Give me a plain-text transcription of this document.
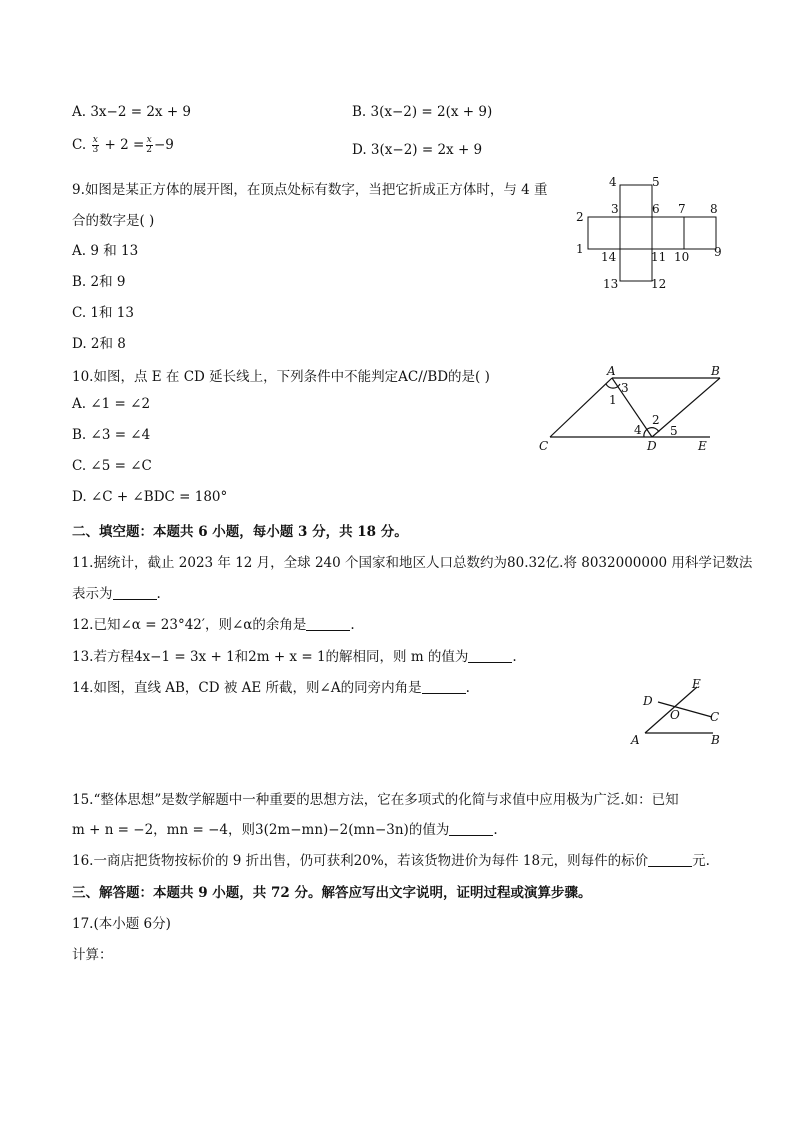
A. 3x−2 = 2x + 9	B. 3(x−2) = 2(x + 9)
C. $\frac{x}{3} + 2 = \frac{x}{2} -9$	D. 3(x−2) = 2x + 9
9.如图是某正方体的展开图，在顶点处标有数字，当把它折成正方体时，与 4 重
合的数字是( )
A. 9 和 13
B. 2和 9
C. 1和 13
D. 2和 8
4	5
3	6 7 8
2
1	9
14	11 10
13	12
10.如图，点 E 在 CD 延长线上，下列条件中不能判定AC//BD的是( )
A. ∠1 = ∠2
B. ∠3 = ∠4
C. ∠5 = ∠C
D. ∠C + ∠BDC = 180°
A	B
C	D	E
1
3
2
4 5
二、填空题：本题共 6 小题，每小题 3 分，共 18 分。
11.据统计，截止 2023 年 12 月，全球 240 个国家和地区人口总数约为80.32亿.将 8032000000 用科学记数法
表示为	.
12.已知∠α = 23°42′，则∠α的余角是	.
13.若方程4x−1 = 3x + 1和2m + x = 1的解相同，则 m 的值为	.
14.如图，直线 AB，CD 被 AE 所截，则∠A的同旁内角是	.	E
D
O	C
A	B
15.“整体思想”是数学解题中一种重要的思想方法，它在多项式的化简与求值中应用极为广泛.如：已知
m + n = −2，mn = −4，则3(2m−mn)−2(mn−3n)的值为	.
16.一商店把货物按标价的 9 折出售，仍可获利20%，若该货物进价为每件 18元，则每件的标价	元.
三、解答题：本题共 9 小题，共 72 分。解答应写出文字说明，证明过程或演算步骤。
17.(本小题 6分)
计算：
